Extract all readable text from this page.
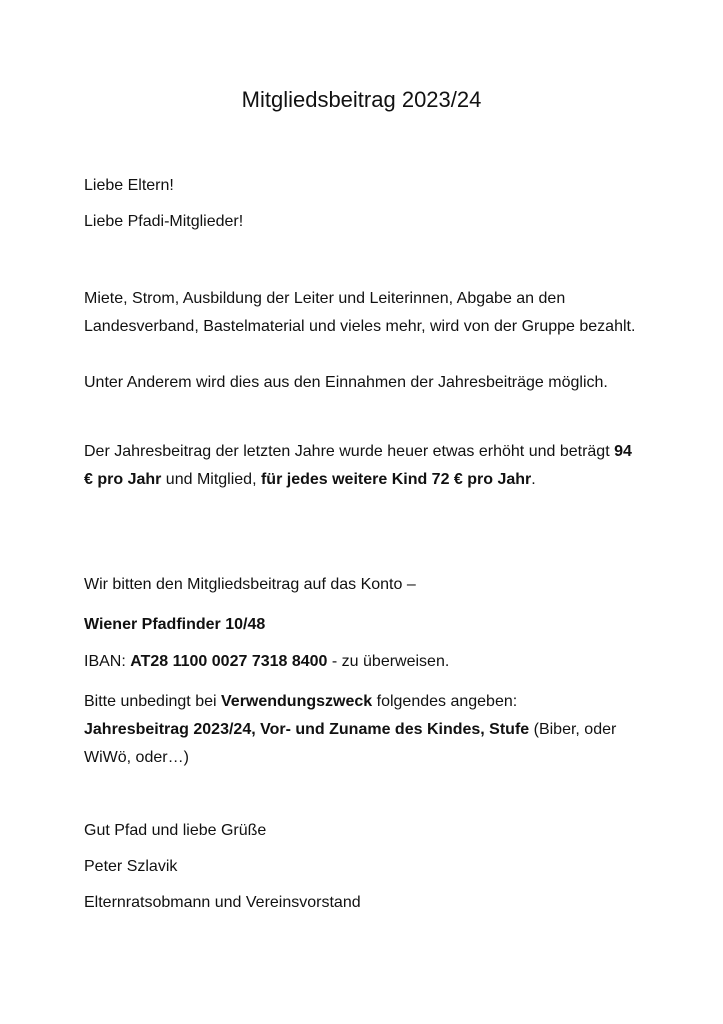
Mitgliedsbeitrag 2023/24
Liebe Eltern!
Liebe Pfadi-Mitglieder!
Miete, Strom, Ausbildung der Leiter und Leiterinnen, Abgabe an den Landesverband, Bastelmaterial und vieles mehr, wird von der Gruppe bezahlt.
Unter Anderem wird dies aus den Einnahmen der Jahresbeiträge möglich.
Der Jahresbeitrag der letzten Jahre wurde heuer etwas erhöht und beträgt 94 € pro Jahr und Mitglied, für jedes weitere Kind 72 € pro Jahr.
Wir bitten den Mitgliedsbeitrag auf das Konto –
Wiener Pfadfinder 10/48
IBAN: AT28 1100 0027 7318 8400 - zu überweisen.
Bitte unbedingt bei Verwendungszweck folgendes angeben:
Jahresbeitrag 2023/24, Vor- und Zuname des Kindes, Stufe (Biber, oder WiWö, oder…)
Gut Pfad und liebe Grüße
Peter Szlavik
Elternratsobmann und Vereinsvorstand
